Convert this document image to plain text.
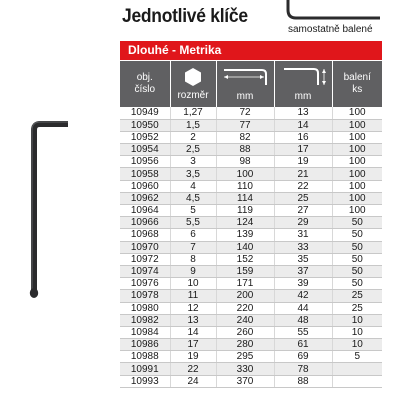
Jednotlivé klíče
samostatně balené
Dlouhé - Metrika
obj.
číslo	rozměr	mm	mm	balení
ks

10949	1,27	72	13	100
10950	1,5	77	14	100
10952	2	82	16	100
10954	2,5	88	17	100
10956	3	98	19	100
10958	3,5	100	21	100
10960	4	110	22	100
10962	4,5	114	25	100
10964	5	119	27	100
10966	5,5	124	29	50
10968	6	139	31	50
10970	7	140	33	50
10972	8	152	35	50
10974	9	159	37	50
10976	10	171	39	50
10978	11	200	42	25
10980	12	220	44	25
10982	13	240	48	10
10984	14	260	55	10
10986	17	280	61	10
10988	19	295	69	5
10991	22	330	78	
10993	24	370	88	
